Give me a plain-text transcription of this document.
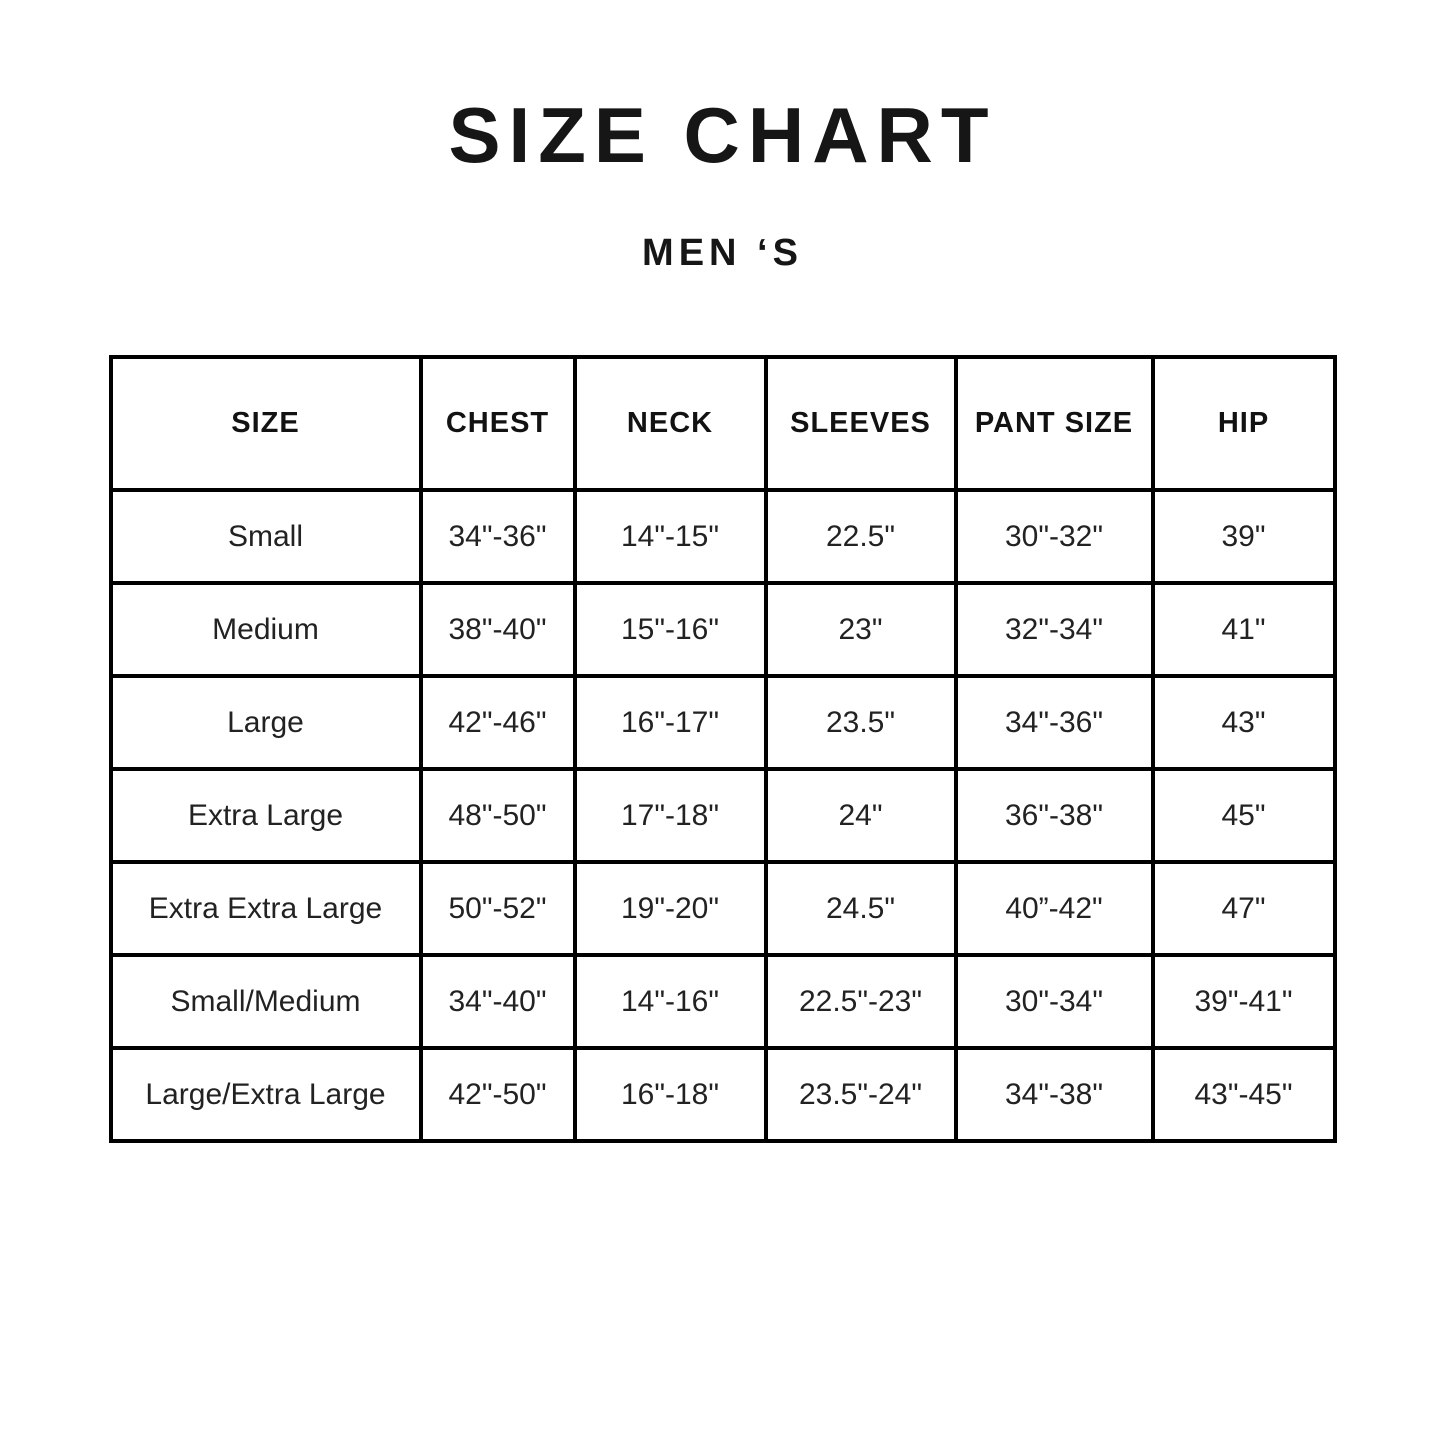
SIZE CHART
MEN ‘S
SIZE	CHEST	NECK	SLEEVES	PANT SIZE	HIP
Small	34"-36"	14"-15"	22.5"	30"-32"	39"
Medium	38"-40"	15"-16"	23"	32"-34"	41"
Large	42"-46"	16"-17"	23.5"	34"-36"	43"
Extra Large	48"-50"	17"-18"	24"	36"-38"	45"
Extra Extra Large	50"-52"	19"-20"	24.5"	40”-42"	47"
Small/Medium	34"-40"	14"-16"	22.5"-23"	30"-34"	39"-41"
Large/Extra Large	42"-50"	16"-18"	23.5"-24"	34"-38"	43"-45"
